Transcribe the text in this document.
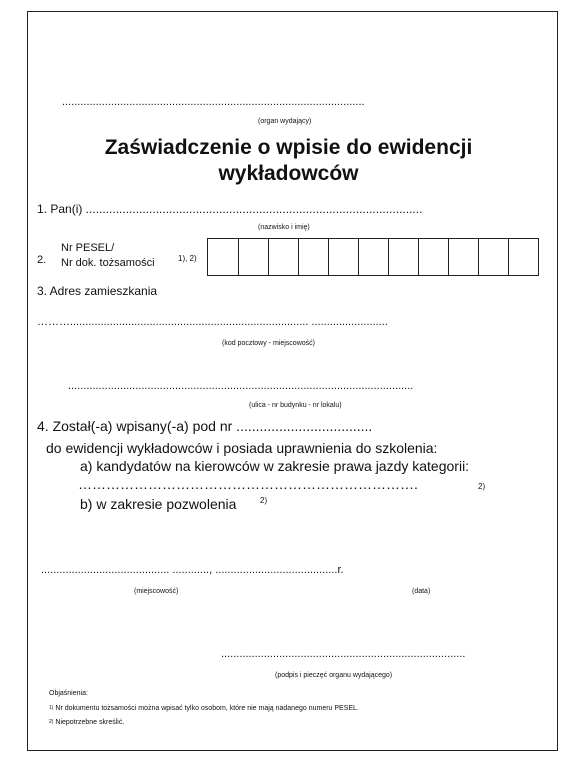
...................................................................................................
(organ wydający)
Zaświadczenie o wpisie do ewidencji
wykładowców
1. Pan(i) .....................................................................................................
(nazwisko i imię)
2.
Nr PESEL/
Nr dok. tożsamości	1), 2)
3. Adres zamieszkania
……….............................................................................. .........................
(kod pocztowy - miejscowość)
.................................................................................................................
(ulica - nr budynku - nr lokalu)
4. Został(-a) wpisany(-a) pod nr ...................................
do ewidencji wykładowców i posiada uprawnienia do szkolenia:
a) kandydatów na kierowców w zakresie prawa jazdy kategorii:
……………………………………………………………….	2)
b) w zakresie pozwolenia	2)
.......................................... ............, ........................................r.
(miejscowość)	(data)
................................................................................
(podpis i pieczęć organu wydającego)
Objaśnienia:
$^{1)}$ Nr dokumentu tożsamości można wpisać tylko osobom, które nie mają nadanego numeru PESEL.
$^{2)}$ Niepotrzebne skreślić.
